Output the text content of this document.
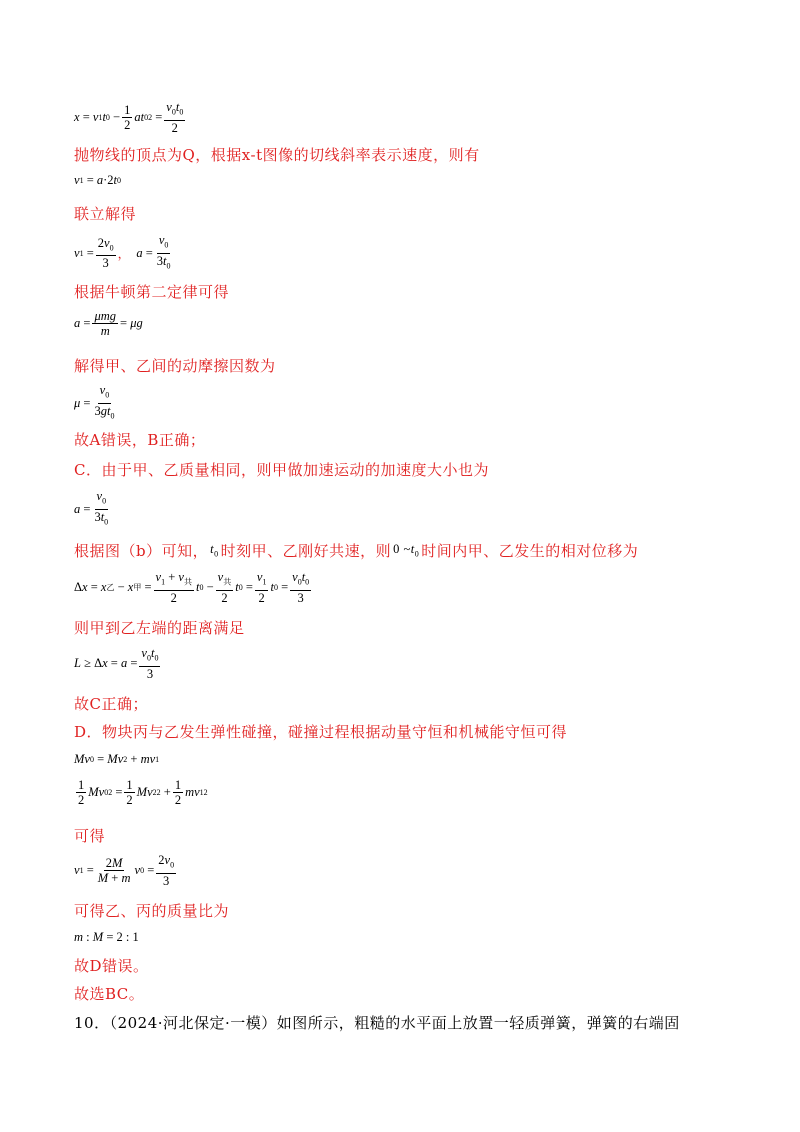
x = v 1 t $0 - \frac{1}{2}$ at 0 $2 = \frac{v_0t_0}{2}$
抛物线的顶点为Q，根据x-t图像的切线斜率表示速度，则有
v 1 = a ·2 t 0
联立解得
v $1 = \frac{2v_0}{3}$ ，
$a = \frac{v_0}{3t_0}$
根据牛顿第二定律可得
$a = \frac{\text{μmg}}{m} = \mu g$
解得甲、乙间的动摩擦因数为
$\mu = \frac{v_0}{3gt_0}$
故A错误，B正确；
C．由于甲、乙质量相同，则甲做加速运动的加速度大小也为
$a = \frac{v_0}{3t_0}$
根据图（b）可知， $t_0$ 时刻甲、乙刚好共速，则 0 $\sim t_0$ 时间内甲、乙发生的相对位移为
Δ x = x 乙 − x 甲 = $\frac{v_1 + v_共}{2}$ t $0 - \frac{v_共}{2}$ t $0 = \frac{v_1}{2}$ t $0 = \frac{v_0t_0}{3}$
则甲到乙左端的距离满足
L ≥ Δ $x = a = \frac{v_0t_0}{3}$
故C正确；
D．物块丙与乙发生弹性碰撞，碰撞过程根据动量守恒和机械能守恒可得
Mv 0 = Mv 2 + mv 1
$\frac{1}{2}$ Mv 0 $2 = \frac{1}{2}$ Mv 2 $2 + \frac{1}{2}$ mv 1 2
可得
v $1 = \frac{2M}{M + m}$ v $0 = \frac{2v_0}{3}$
可得乙、丙的质量比为
m : M = 2 : 1
故D错误。
故选BC。
10．（2024·河北保定·一模）如图所示，粗糙的水平面上放置一轻质弹簧，弹簧的右端固
